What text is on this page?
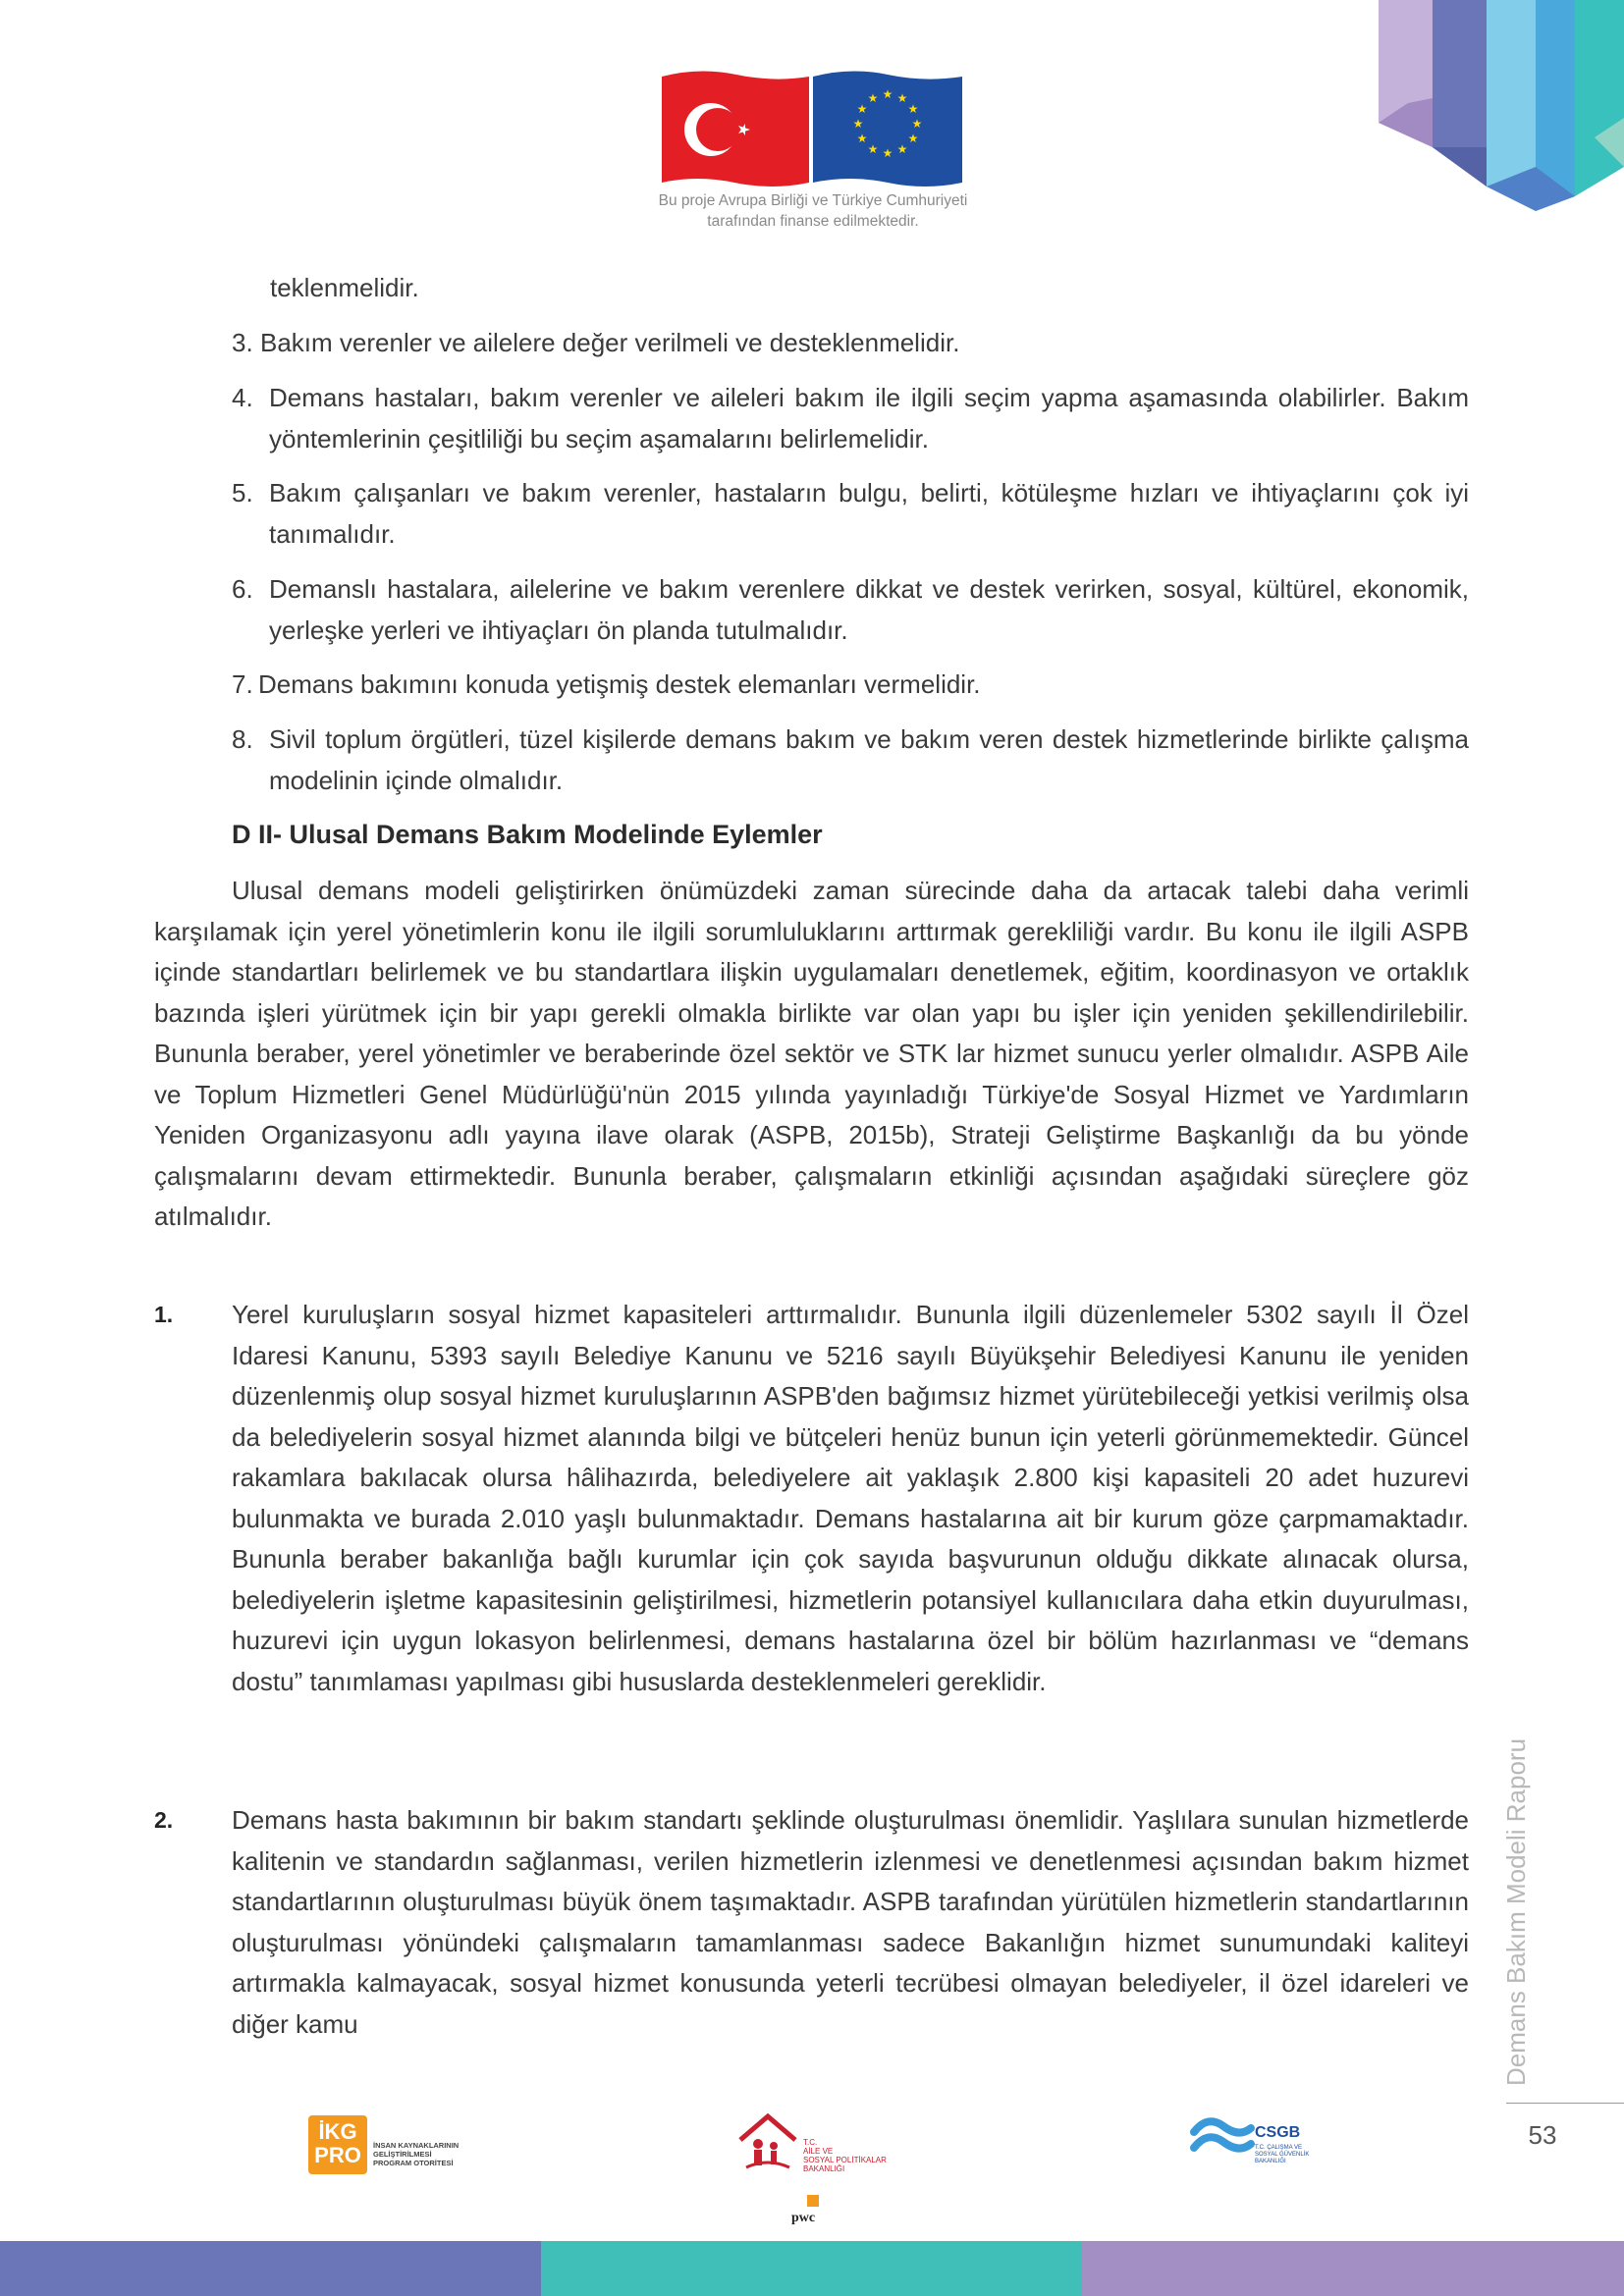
★ ★
★
★
★
★
★
★
★
★
★
★
Bu proje Avrupa Birliği ve Türkiye Cumhuriyeti
tarafından finanse edilmektedir.
teklenmelidir.
3. Bakım verenler ve ailelere değer verilmeli ve desteklenmelidir.
4. Demans hastaları, bakım verenler ve aileleri bakım ile ilgili seçim yapma aşamasında olabilirler. Bakım yöntemlerinin çeşitliliği bu seçim aşamalarını belirlemelidir.
5. Bakım çalışanları ve bakım verenler, hastaların bulgu, belirti, kötüleşme hızları ve ihtiyaçlarını çok iyi tanımalıdır.
6. Demanslı hastalara, ailelerine ve bakım verenlere dikkat ve destek verirken, sosyal, kültürel, ekonomik, yerleşke yerleri ve ihtiyaçları ön planda tutulmalıdır.
7. Demans bakımını konuda yetişmiş destek elemanları vermelidir.
8. Sivil toplum örgütleri, tüzel kişilerde demans bakım ve bakım veren destek hizmetlerinde birlikte çalışma modelinin içinde olmalıdır.
D II- Ulusal Demans Bakım Modelinde Eylemler
Ulusal demans modeli geliştirirken önümüzdeki zaman sürecinde daha da artacak talebi daha verimli karşılamak için yerel yönetimlerin konu ile ilgili sorumluluklarını arttırmak gerekliliği vardır. Bu konu ile ilgili ASPB içinde standartları belirlemek ve bu standartlara ilişkin uygulamaları denetlemek, eğitim, koordinasyon ve ortaklık bazında işleri yürütmek için bir yapı gerekli olmakla birlikte var olan yapı bu işler için yeniden şekillendirilebilir. Bununla beraber, yerel yönetimler ve beraberinde özel sektör ve STK lar hizmet sunucu yerler olmalıdır. ASPB Aile ve Toplum Hizmetleri Genel Müdürlüğü'nün 2015 yılında yayınladığı Türkiye'de Sosyal Hizmet ve Yardımların Yeniden Organizasyonu adlı yayına ilave olarak (ASPB, 2015b), Strateji Geliştirme Başkanlığı da bu yönde çalışmalarını devam ettirmektedir. Bununla beraber, çalışmaların etkinliği açısından aşağıdaki süreçlere göz atılmalıdır.
1. Yerel kuruluşların sosyal hizmet kapasiteleri arttırmalıdır. Bununla ilgili düzenlemeler 5302 sayılı İl Özel Idaresi Kanunu, 5393 sayılı Belediye Kanunu ve 5216 sayılı Büyükşehir Belediyesi Kanunu ile yeniden düzenlenmiş olup sosyal hizmet kuruluşlarının ASPB'den bağımsız hizmet yürütebileceği yetkisi verilmiş olsa da belediyelerin sosyal hizmet alanında bilgi ve bütçeleri henüz bunun için yeterli görünmemektedir. Güncel rakamlara bakılacak olursa hâlihazırda, belediyelere ait yaklaşık 2.800 kişi kapasiteli 20 adet huzurevi bulunmakta ve burada 2.010 yaşlı bulunmaktadır. Demans hastalarına ait bir kurum göze çarpmamaktadır. Bununla beraber bakanlığa bağlı kurumlar için çok sayıda başvurunun olduğu dikkate alınacak olursa, belediyelerin işletme kapasitesinin geliştirilmesi, hizmetlerin potansiyel kullanıcılara daha etkin duyurulması, huzurevi için uygun lokasyon belirlenmesi, demans hastalarına özel bir bölüm hazırlanması ve “demans dostu” tanımlaması yapılması gibi hususlarda desteklenmeleri gereklidir.
2. Demans hasta bakımının bir bakım standartı şeklinde oluşturulması önemlidir. Yaşlılara sunulan hizmetlerde kalitenin ve standardın sağlanması, verilen hizmetlerin izlenmesi ve denetlenmesi açısından bakım hizmet standartlarının oluşturulması büyük önem taşımaktadır. ASPB tarafından yürütülen hizmetlerin standartlarının oluşturulması yönündeki çalışmaların tamamlanması sadece Bakanlığın hizmet sunumundaki kaliteyi artırmakla kalmayacak, sosyal hizmet konusunda yeterli tecrübesi olmayan belediyeler, il özel idareleri ve diğer kamu	Demans Bakım Modeli Raporu
53
İKG
PRO	İNSAN KAYNAKLARININ
GELİŞTİRİLMESİ
PROGRAM OTORİTESİ
T.C.
AİLE VE
SOSYAL POLİTİKALAR
BAKANLIĞI
pwc
CSGB
T.C. ÇALIŞMA VE
SOSYAL GÜVENLİK
BAKANLIĞI
